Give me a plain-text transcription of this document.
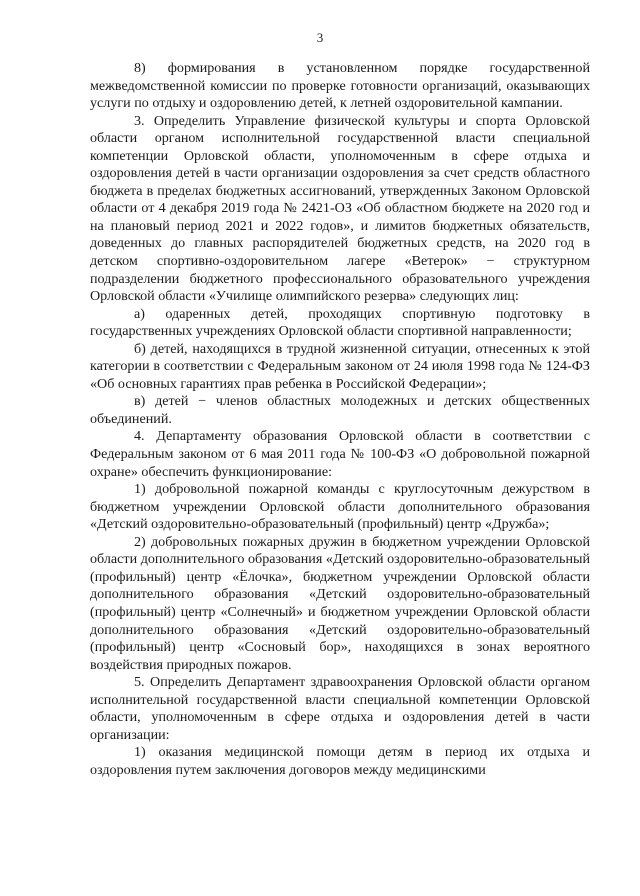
3

8) формирования в установленном порядке государственной межведомственной комиссии по проверке готовности организаций, оказывающих услуги по отдыху и оздоровлению детей, к летней оздоровительной кампании.

3. Определить Управление физической культуры и спорта Орловской области органом исполнительной государственной власти специальной компетенции Орловской области, уполномоченным в сфере отдыха и оздоровления детей в части организации оздоровления за счет средств областного бюджета в пределах бюджетных ассигнований, утвержденных Законом Орловской области от 4 декабря 2019 года № 2421-ОЗ «Об областном бюджете на 2020 год и на плановый период 2021 и 2022 годов», и лимитов бюджетных обязательств, доведенных до главных распорядителей бюджетных средств, на 2020 год в детском спортивно-оздоровительном лагере «Ветерок» − структурном подразделении бюджетного профессионального образовательного учреждения Орловской области «Училище олимпийского резерва» следующих лиц:

а) одаренных детей, проходящих спортивную подготовку в государственных учреждениях Орловской области спортивной направленности;

б) детей, находящихся в трудной жизненной ситуации, отнесенных к этой категории в соответствии с Федеральным законом от 24 июля 1998 года № 124-ФЗ «Об основных гарантиях прав ребенка в Российской Федерации»;

в) детей − членов областных молодежных и детских общественных объединений.

4. Департаменту образования Орловской области в соответствии с Федеральным законом от 6 мая 2011 года № 100-ФЗ «О добровольной пожарной охране» обеспечить функционирование:

1) добровольной пожарной команды с круглосуточным дежурством в бюджетном учреждении Орловской области дополнительного образования «Детский оздоровительно-образовательный (профильный) центр «Дружба»;

2) добровольных пожарных дружин в бюджетном учреждении Орловской области дополнительного образования «Детский оздоровительно-образовательный (профильный) центр «Ёлочка», бюджетном учреждении Орловской области дополнительного образования «Детский оздоровительно-образовательный (профильный) центр «Солнечный» и бюджетном учреждении Орловской области дополнительного образования «Детский оздоровительно-образовательный (профильный) центр «Сосновый бор», находящихся в зонах вероятного воздействия природных пожаров.

5. Определить Департамент здравоохранения Орловской области органом исполнительной государственной власти специальной компетенции Орловской области, уполномоченным в сфере отдыха и оздоровления детей в части организации:

1) оказания медицинской помощи детям в период их отдыха и оздоровления путем заключения договоров между медицинскими
